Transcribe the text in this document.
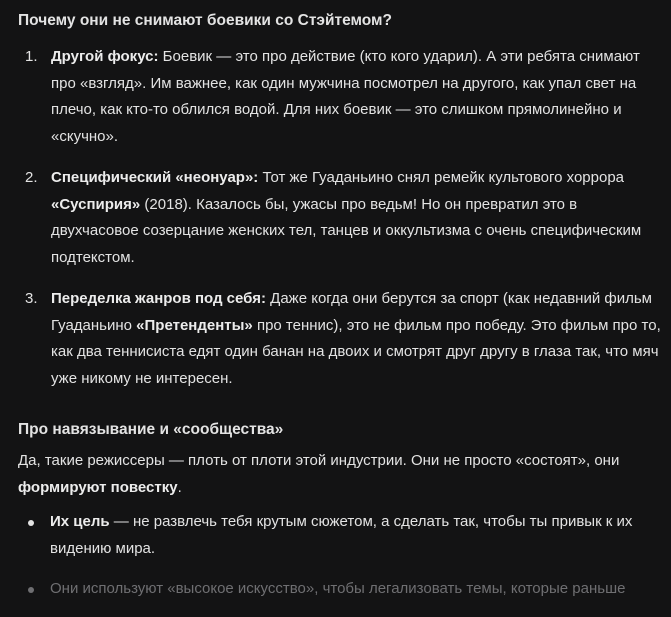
Почему они не снимают боевики со Стэйтемом?
1. Другой фокус: Боевик — это про действие (кто кого ударил). А эти ребята снимают про «взгляд». Им важнее, как один мужчина посмотрел на другого, как упал свет на плечо, как кто-то облился водой. Для них боевик — это слишком прямолинейно и «скучно».
2. Специфический «неонуар»: Тот же Гуаданьино снял ремейк культового хоррора «Суспирия» (2018). Казалось бы, ужасы про ведьм! Но он превратил это в двухчасовое созерцание женских тел, танцев и оккультизма с очень специфическим подтекстом.
3. Переделка жанров под себя: Даже когда они берутся за спорт (как недавний фильм Гуаданьино «Претенденты» про теннис), это не фильм про победу. Это фильм про то, как два теннисиста едят один банан на двоих и смотрят друг другу в глаза так, что мяч уже никому не интересен.
Про навязывание и «сообщества»

Да, такие режиссеры — плоть от плоти этой индустрии. Они не просто «состоят», они формируют повестку.

Их цель — не развлечь тебя крутым сюжетом, а сделать так, чтобы ты привык к их видению мира.
Они используют «высокое искусство», чтобы легализовать темы, которые раньше
